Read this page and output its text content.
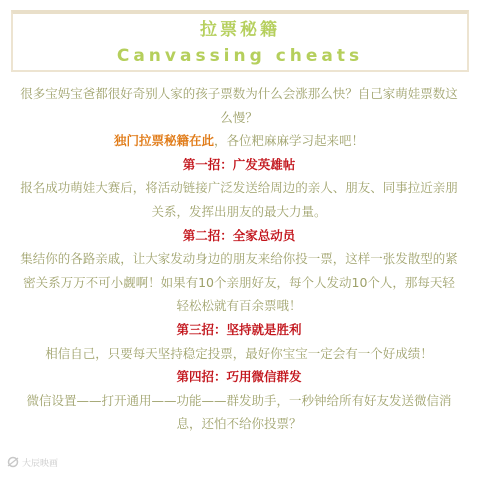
拉票秘籍
Canvassing cheats
很多宝妈宝爸都很好奇别人家的孩子票数为什么会涨那么快？自己家萌娃票数这么慢？
独门拉票秘籍在此，各位粑麻麻学习起来吧！
第一招：广发英雄帖
报名成功萌娃大赛后，将活动链接广泛发送给周边的亲人、朋友、同事拉近亲朋关系，发挥出朋友的最大力量。
第二招：全家总动员
集结你的各路亲戚，让大家发动身边的朋友来给你投一票，这样一张发散型的紧密关系万万不可小觑啊！如果有10个亲朋好友，每个人发动10个人，那每天轻轻松松就有百余票哦！
第三招：坚持就是胜利
相信自己，只要每天坚持稳定投票，最好你宝宝一定会有一个好成绩！
第四招：巧用微信群发
微信设置——打开通用——功能——群发助手，一秒钟给所有好友发送微信消息，还怕不给你投票？
大辰映画
